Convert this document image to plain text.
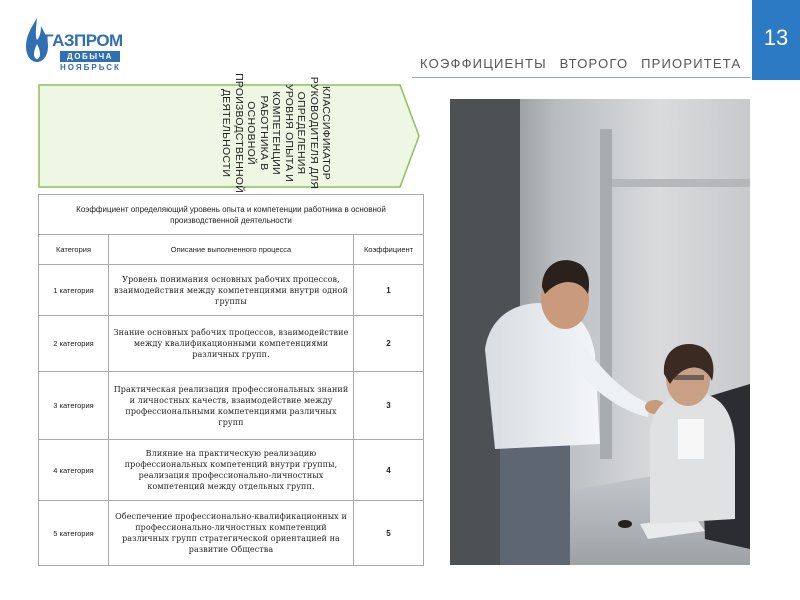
ГАЗПРОМ
ДОБЫЧА
НОЯБРЬСК
13
КОЭФФИЦИЕНТЫ ВТОРОГО ПРИОРИТЕТА
КЛАССИФИКАТОР РУКОВОДИТЕЛЯ ДЛЯ ОПРЕДЕЛЕНИЯ УРОВНЯ ОПЫТА И КОМПЕТЕНЦИИ РАБОТНИКА В ОСНОВНОЙ ПРОИЗВОДСТВЕННОЙ ДЕЯТЕЛЬНОСТИ
Коэффициент определяющий уровень опыта и компетенции работника в основной производственной деятельности		
Категория	Описание выполненного процесса	Коэффициент
1 категория	Уровень понимания основных рабочих процессов, взаимодействия между компетенциями внутри одной группы	1
2 категория	Знание основных рабочих процессов, взаимодействие между квалификационными компетенциями различных групп.	2
3 категория	Практическая реализация профессиональных знаний и личностных качеств, взаимодействие между профессиональными компетенциями различных групп	3
4 категория	Влияние на практическую реализацию профессиональных компетенций внутри группы, реализация профессионально-личностных компетенций между отдельных групп.	4
5 категория	Обеспечение профессионально-квалификационных и профессионально-личностных компетенций различных групп стратегической ориентацией на развитие Общества	5
